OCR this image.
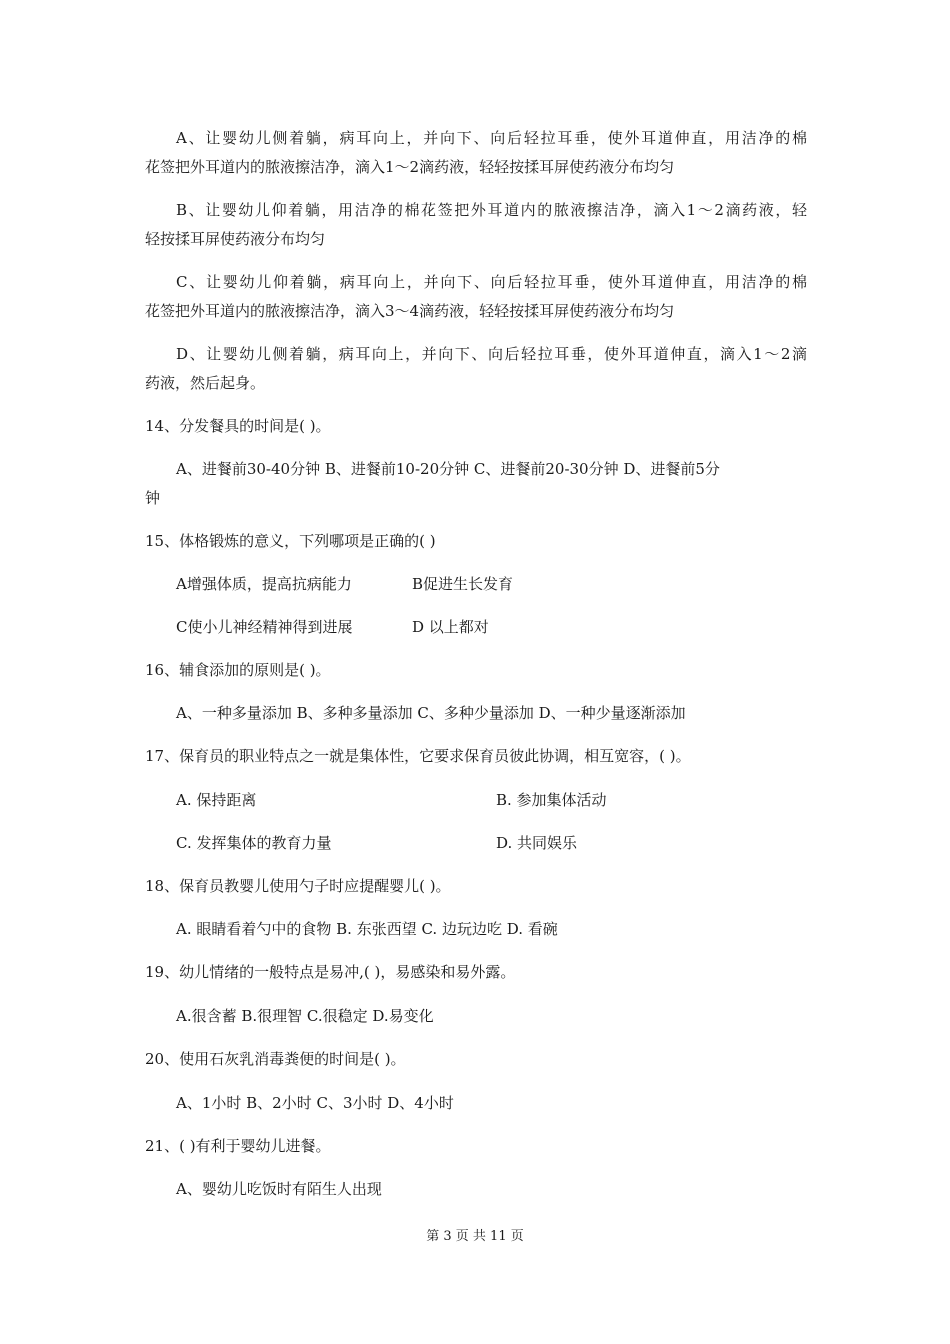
A、让婴幼儿侧着躺，病耳向上，并向下、向后轻拉耳垂，使外耳道伸直，用洁净的棉
花签把外耳道内的脓液擦洁净，滴入1～2滴药液，轻轻按揉耳屏使药液分布均匀
B、让婴幼儿仰着躺，用洁净的棉花签把外耳道内的脓液擦洁净，滴入1～2滴药液，轻
轻按揉耳屏使药液分布均匀
C、让婴幼儿仰着躺，病耳向上，并向下、向后轻拉耳垂，使外耳道伸直，用洁净的棉
花签把外耳道内的脓液擦洁净，滴入3～4滴药液，轻轻按揉耳屏使药液分布均匀
D、让婴幼儿侧着躺，病耳向上，并向下、向后轻拉耳垂，使外耳道伸直，滴入1～2滴
药液，然后起身。
14、分发餐具的时间是( )。
A、进餐前30-40分钟 B、进餐前10-20分钟 C、进餐前20-30分钟 D、进餐前5分
钟
15、体格锻炼的意义，下列哪项是正确的( )
A增强体质，提高抗病能力	B促进生长发育
C使小儿神经精神得到进展	D 以上都对
16、辅食添加的原则是( )。
A、一种多量添加 B、多种多量添加 C、多种少量添加 D、一种少量逐渐添加
17、保育员的职业特点之一就是集体性，它要求保育员彼此协调，相互宽容，( )。
A. 保持距离	B. 参加集体活动
C. 发挥集体的教育力量	D. 共同娱乐
18、保育员教婴儿使用勺子时应提醒婴儿( )。
A. 眼睛看着勺中的食物 B. 东张西望 C. 边玩边吃 D. 看碗
19、幼儿情绪的一般特点是易冲,( )，易感染和易外露。
A.很含蓄 B.很理智 C.很稳定 D.易变化
20、使用石灰乳消毒粪便的时间是( )。
A、1小时 B、2小时 C、3小时 D、4小时
21、( )有利于婴幼儿进餐。
A、婴幼儿吃饭时有陌生人出现
第 3 页 共 11 页
